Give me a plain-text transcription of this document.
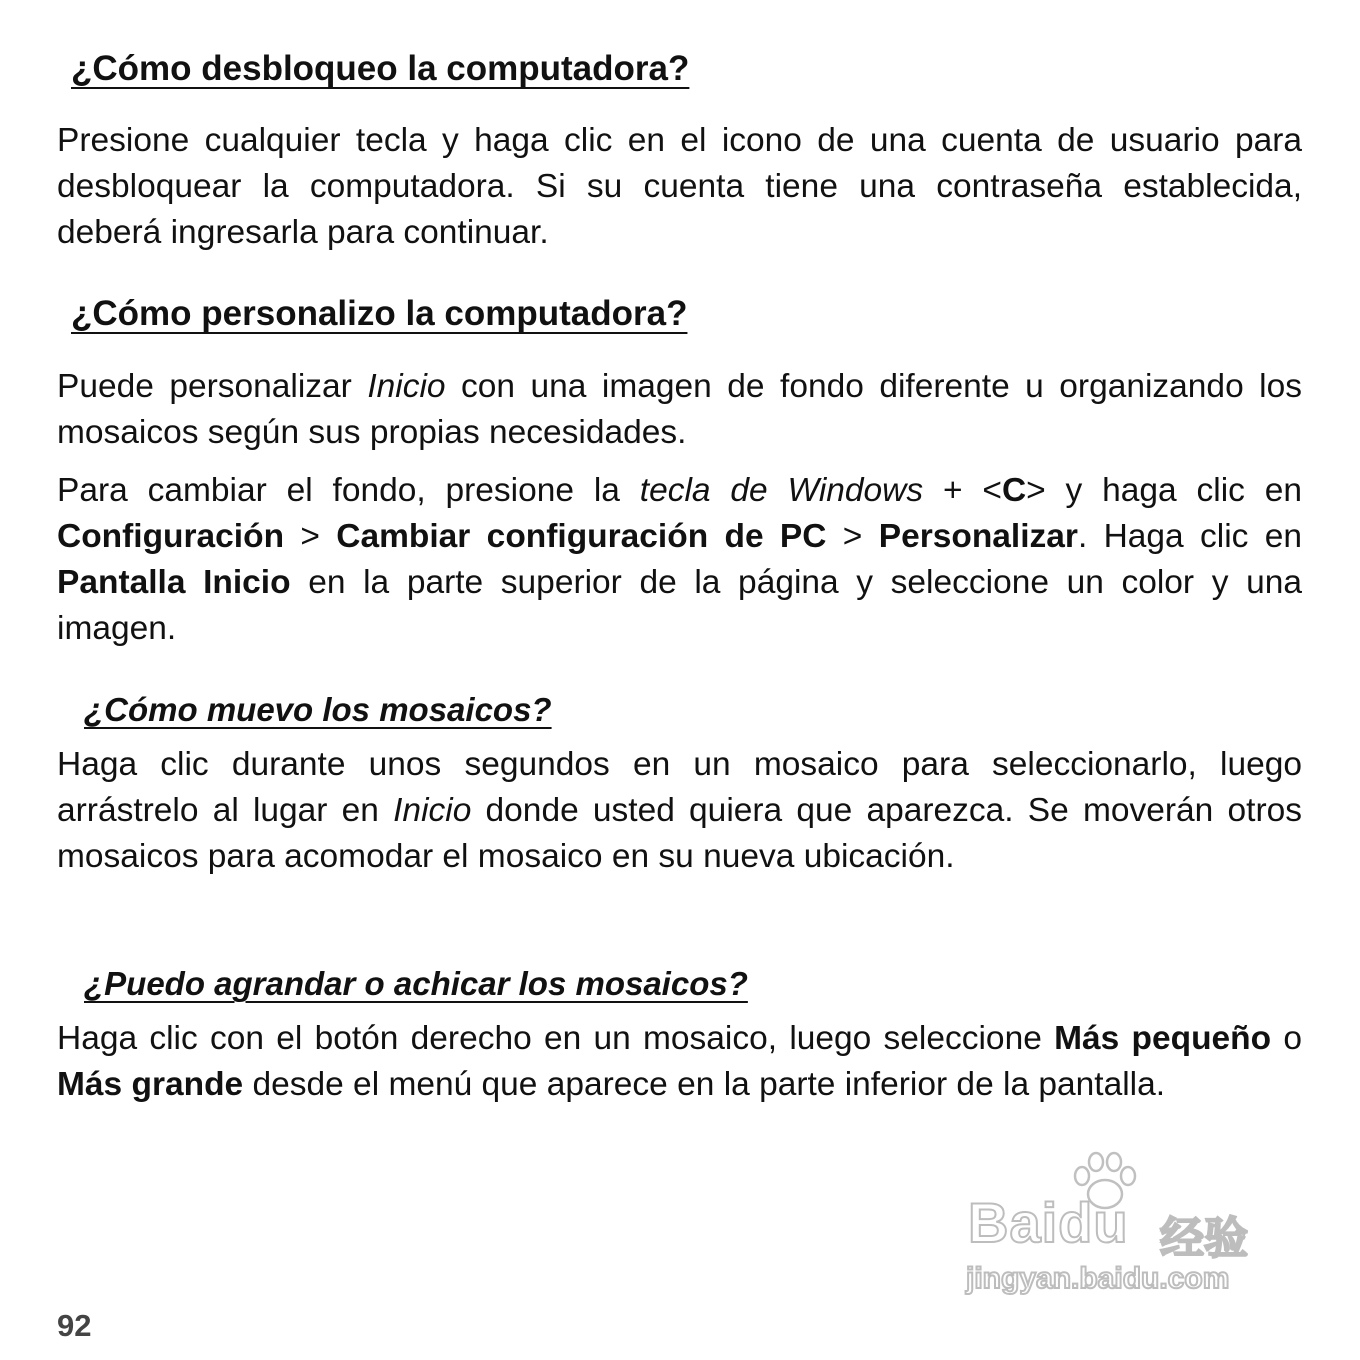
¿Cómo desbloqueo la computadora?

Presione cualquier tecla y haga clic en el icono de una cuenta de usuario para desbloquear la computadora. Si su cuenta tiene una contraseña establecida, deberá ingresarla para continuar.

¿Cómo personalizo la computadora?

Puede personalizar Inicio con una imagen de fondo diferente u organizando los mosaicos según sus propias necesidades.

Para cambiar el fondo, presione la tecla de Windows + <C> y haga clic en Configuración > Cambiar configuración de PC > Personalizar. Haga clic en Pantalla Inicio en la parte superior de la página y seleccione un color y una imagen.

¿Cómo muevo los mosaicos?

Haga clic durante unos segundos en un mosaico para seleccionarlo, luego arrástrelo al lugar en Inicio donde usted quiera que aparezca. Se moverán otros mosaicos para acomodar el mosaico en su nueva ubicación.

¿Puedo agrandar o achicar los mosaicos?

Haga clic con el botón derecho en un mosaico, luego seleccione Más pequeño o Más grande desde el menú que aparece en la parte inferior de la pantalla.

92
Baidu 经验
jingyan.baidu.com
